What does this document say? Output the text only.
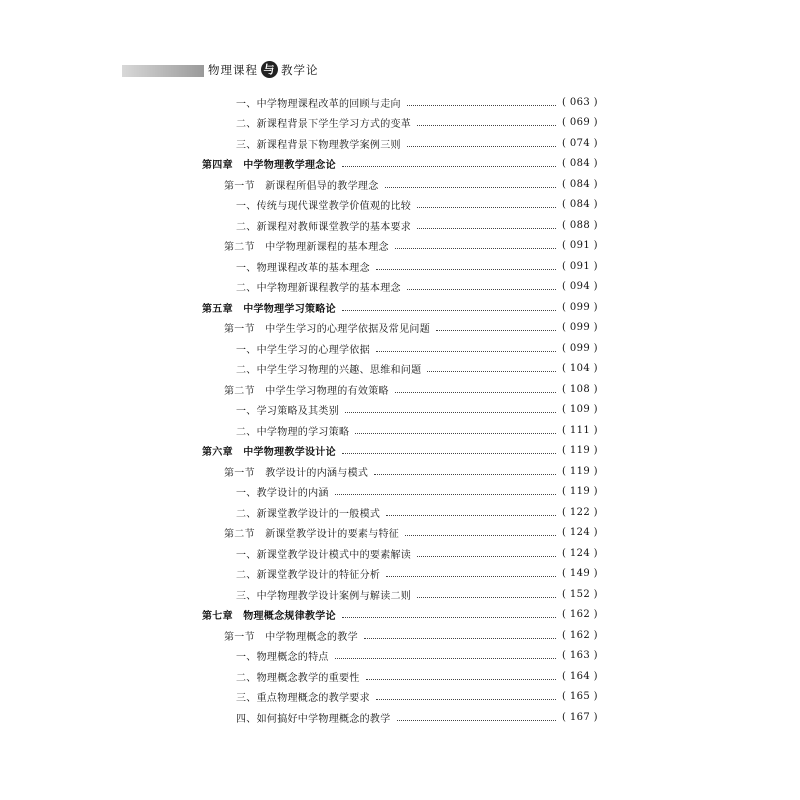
物理课程 与 教学论
一、中学物理课程改革的回顾与走向	( 063 )
二、新课程背景下学生学习方式的变革	( 069 )
三、新课程背景下物理教学案例三则	( 074 )
第四章　中学物理教学理念论	( 084 )
第一节　新课程所倡导的教学理念	( 084 )
一、传统与现代课堂教学价值观的比较	( 084 )
二、新课程对教师课堂教学的基本要求	( 088 )
第二节　中学物理新课程的基本理念	( 091 )
一、物理课程改革的基本理念	( 091 )
二、中学物理新课程教学的基本理念	( 094 )
第五章　中学物理学习策略论	( 099 )
第一节　中学生学习的心理学依据及常见问题	( 099 )
一、中学生学习的心理学依据	( 099 )
二、中学生学习物理的兴趣、思维和问题	( 104 )
第二节　中学生学习物理的有效策略	( 108 )
一、学习策略及其类别	( 109 )
二、中学物理的学习策略	( 111 )
第六章　中学物理教学设计论	( 119 )
第一节　教学设计的内涵与模式	( 119 )
一、教学设计的内涵	( 119 )
二、新课堂教学设计的一般模式	( 122 )
第二节　新课堂教学设计的要素与特征	( 124 )
一、新课堂教学设计模式中的要素解读	( 124 )
二、新课堂教学设计的特征分析	( 149 )
三、中学物理教学设计案例与解读二则	( 152 )
第七章　物理概念规律教学论	( 162 )
第一节　中学物理概念的教学	( 162 )
一、物理概念的特点	( 163 )
二、物理概念教学的重要性	( 164 )
三、重点物理概念的教学要求	( 165 )
四、如何搞好中学物理概念的教学	( 167 )
